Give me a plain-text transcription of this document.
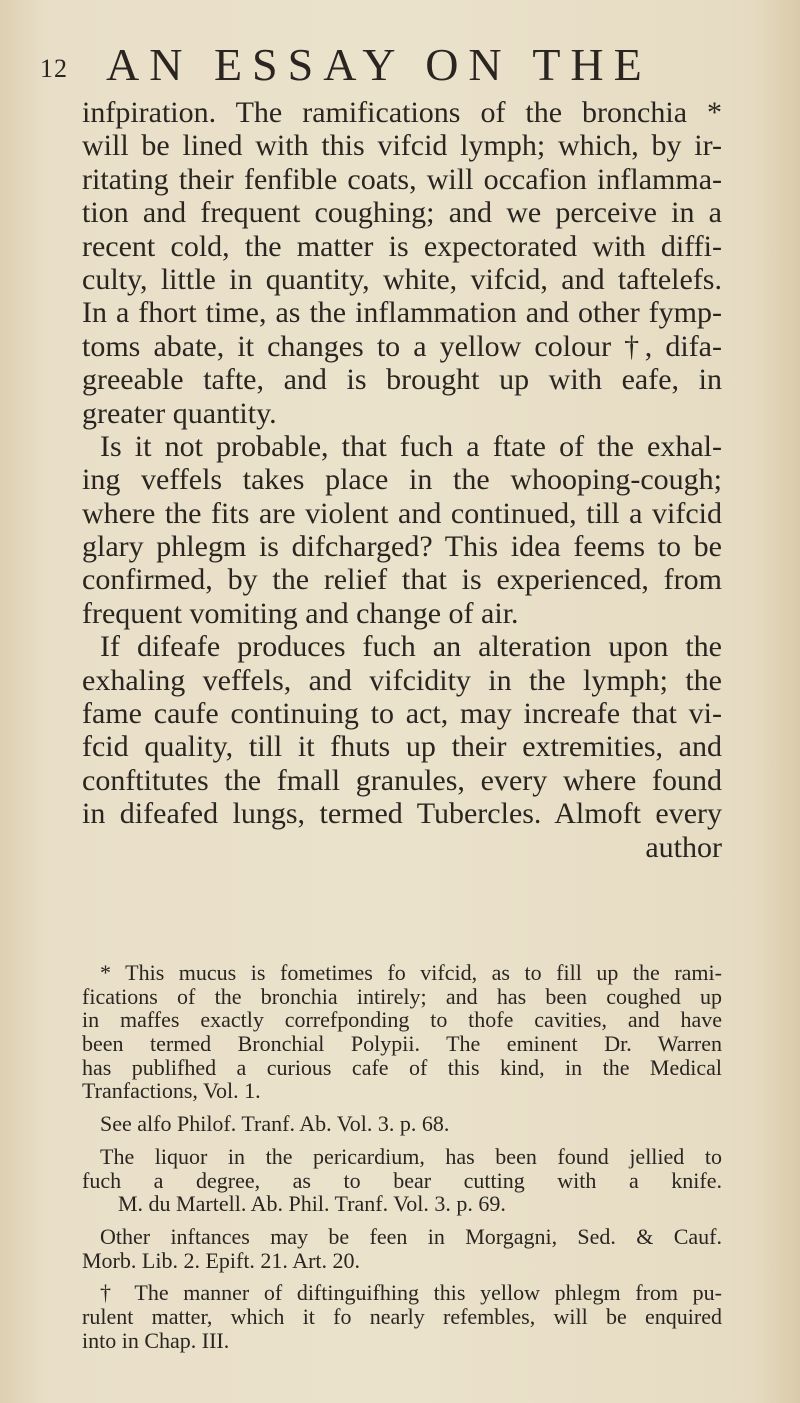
12 AN ESSAY ON THE
infpiration. The ramifications of the bronchia *
will be lined with this vifcid lymph; which, by ir-
ritating their fenfible coats, will occafion inflamma-
tion and frequent coughing; and we perceive in a
recent cold, the matter is expectorated with diffi-
culty, little in quantity, white, vifcid, and taftelefs.
In a fhort time, as the inflammation and other fymp-
toms abate, it changes to a yellow colour †, difa-
greeable tafte, and is brought up with eafe, in
greater quantity.
Is it not probable, that fuch a ftate of the exhal-
ing veffels takes place in the whooping-cough;
where the fits are violent and continued, till a vifcid
glary phlegm is difcharged? This idea feems to be
confirmed, by the relief that is experienced, from
frequent vomiting and change of air.
If difeafe produces fuch an alteration upon the
exhaling veffels, and vifcidity in the lymph; the
fame caufe continuing to act, may increafe that vi-
fcid quality, till it fhuts up their extremities, and
conftitutes the fmall granules, every where found
in difeafed lungs, termed Tubercles. Almoft every
author
* This mucus is fometimes fo vifcid, as to fill up the rami-
fications of the bronchia intirely; and has been coughed up
in maffes exactly correfponding to thofe cavities, and have
been termed Bronchial Polypii. The eminent Dr. Warren
has publifhed a curious cafe of this kind, in the Medical
Tranfactions, Vol. 1.
See alfo Philof. Tranf. Ab. Vol. 3. p. 68.
The liquor in the pericardium, has been found jellied to
fuch a degree, as to bear cutting with a knife.
M. du Martell. Ab. Phil. Tranf. Vol. 3. p. 69.
Other inftances may be feen in Morgagni, Sed. & Cauf.
Morb. Lib. 2. Epift. 21. Art. 20.
† The manner of diftinguifhing this yellow phlegm from pu-
rulent matter, which it fo nearly refembles, will be enquired
into in Chap. III.
